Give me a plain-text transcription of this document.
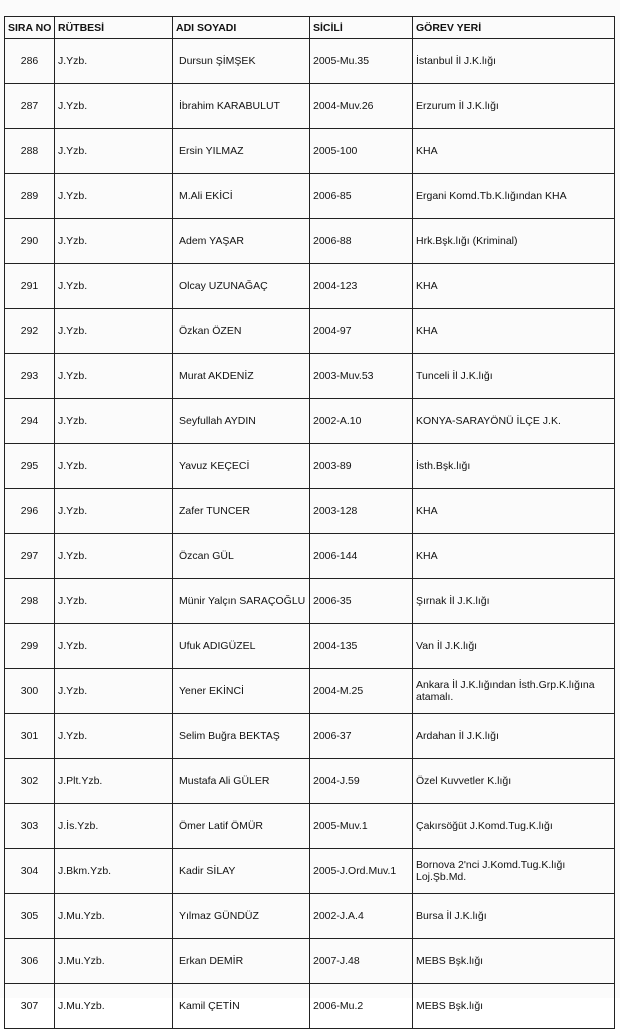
SIRA NO	RÜTBESİ	ADI SOYADI	SİCİLİ	GÖREV YERİ
286	J.Yzb.	Dursun ŞİMŞEK	2005-Mu.35	İstanbul İl J.K.lığı
287	J.Yzb.	İbrahim KARABULUT	2004-Muv.26	Erzurum İl J.K.lığı
288	J.Yzb.	Ersin YILMAZ	2005-100	KHA
289	J.Yzb.	M.Ali EKİCİ	2006-85	Ergani Komd.Tb.K.lığından KHA
290	J.Yzb.	Adem YAŞAR	2006-88	Hrk.Bşk.lığı (Kriminal)
291	J.Yzb.	Olcay UZUNAĞAÇ	2004-123	KHA
292	J.Yzb.	Özkan ÖZEN	2004-97	KHA
293	J.Yzb.	Murat AKDENİZ	2003-Muv.53	Tunceli İl J.K.lığı
294	J.Yzb.	Seyfullah AYDIN	2002-A.10	KONYA-SARAYÖNÜ İLÇE J.K.
295	J.Yzb.	Yavuz KEÇECİ	2003-89	İsth.Bşk.lığı
296	J.Yzb.	Zafer TUNCER	2003-128	KHA
297	J.Yzb.	Özcan GÜL	2006-144	KHA
298	J.Yzb.	Münir Yalçın SARAÇOĞLU	2006-35	Şırnak İl J.K.lığı
299	J.Yzb.	Ufuk ADIGÜZEL	2004-135	Van İl J.K.lığı
300	J.Yzb.	Yener EKİNCİ	2004-M.25	Ankara İl J.K.lığından İsth.Grp.K.lığına atamalı.
301	J.Yzb.	Selim Buğra BEKTAŞ	2006-37	Ardahan İl J.K.lığı
302	J.Plt.Yzb.	Mustafa Ali GÜLER	2004-J.59	Özel Kuvvetler K.lığı
303	J.İs.Yzb.	Ömer Latif ÖMÜR	2005-Muv.1	Çakırsöğüt J.Komd.Tug.K.lığı
304	J.Bkm.Yzb.	Kadir SİLAY	2005-J.Ord.Muv.1	Bornova 2'nci J.Komd.Tug.K.lığı Loj.Şb.Md.
305	J.Mu.Yzb.	Yılmaz GÜNDÜZ	2002-J.A.4	Bursa İl J.K.lığı
306	J.Mu.Yzb.	Erkan DEMİR	2007-J.48	MEBS Bşk.lığı
307	J.Mu.Yzb.	Kamil ÇETİN	2006-Mu.2	MEBS Bşk.lığı
